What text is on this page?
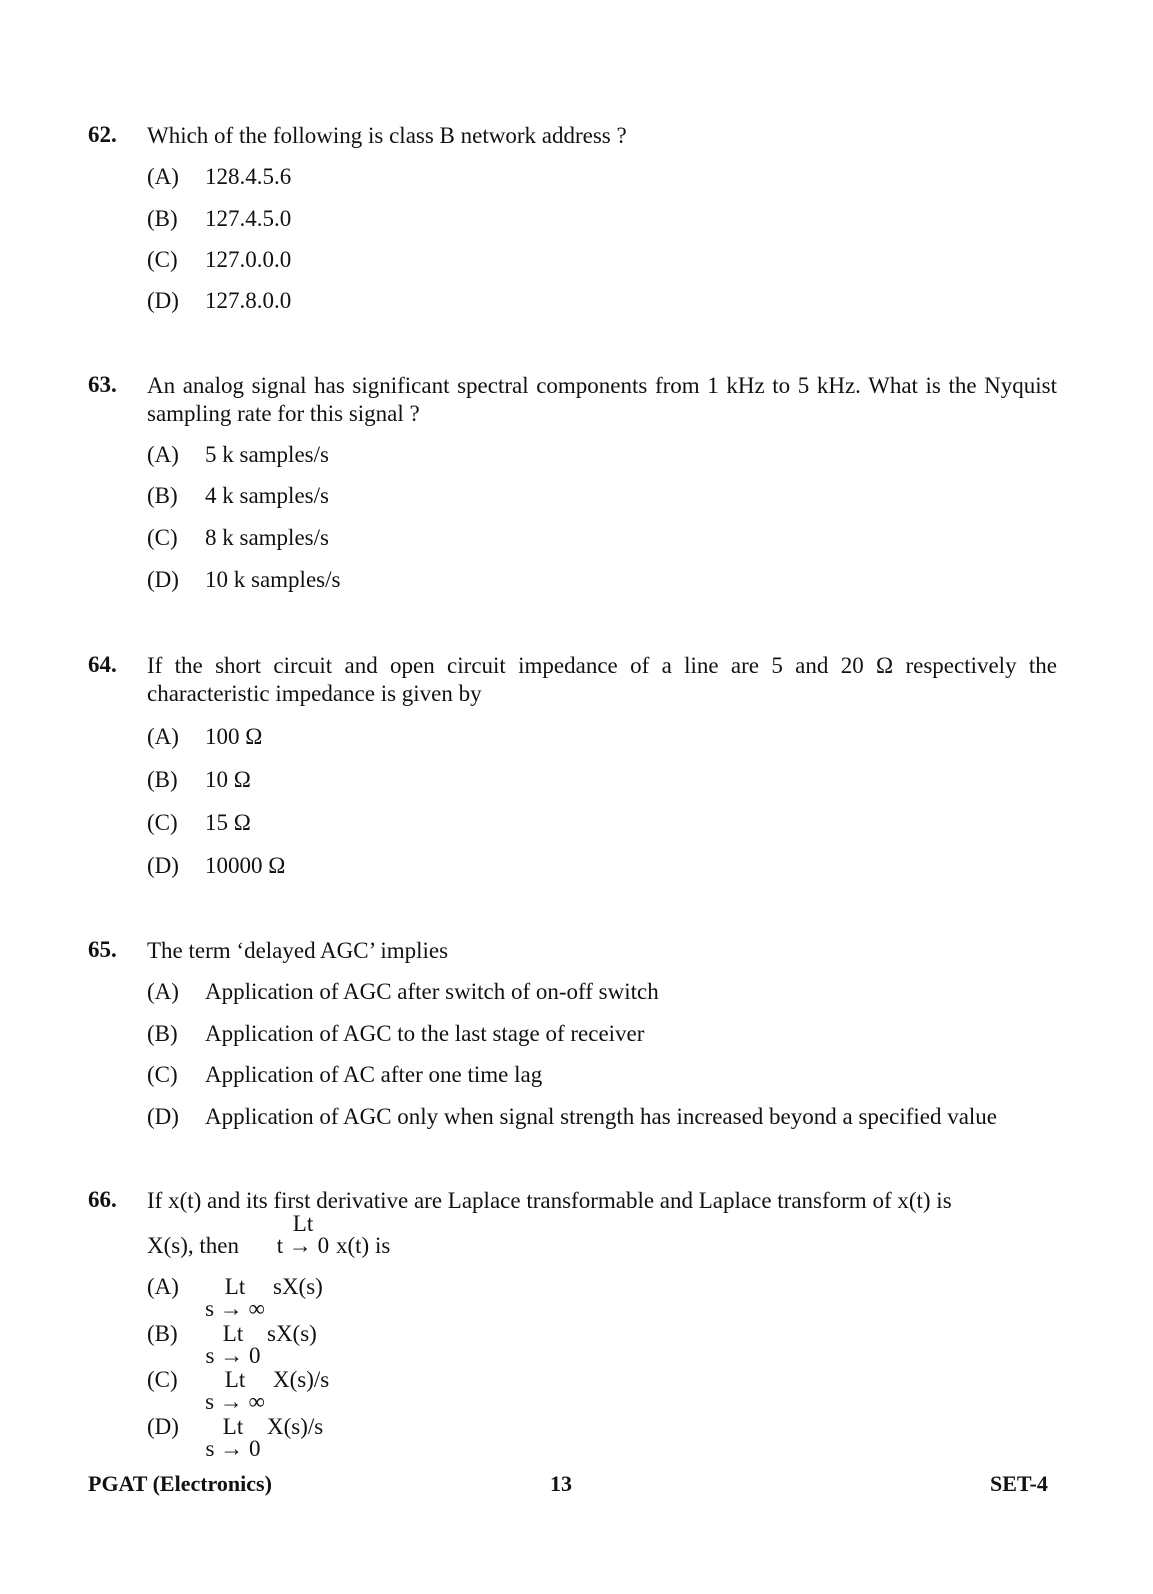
62. Which of the following is class B network address ?
(A) 128.4.5.6
(B) 127.4.5.0
(C) 127.0.0.0
(D) 127.8.0.0
63. An analog signal has significant spectral components from 1 kHz to 5 kHz. What is the Nyquist sampling rate for this signal ?
(A) 5 k samples/s
(B) 4 k samples/s
(C) 8 k samples/s
(D) 10 k samples/s
64. If the short circuit and open circuit impedance of a line are 5 and 20 Ω respectively the characteristic impedance is given by
(A) 100 Ω
(B) 10 Ω
(C) 15 Ω
(D) 10000 Ω
65. The term ‘delayed AGC’ implies
(A) Application of AGC after switch of on-off switch
(B) Application of AGC to the last stage of receiver
(C) Application of AC after one time lag
(D) Application of AGC only when signal strength has increased beyond a specified value
66. If x(t) and its first derivative are Laplace transformable and Laplace transform of x(t) is
X(s), then
Lt
t → 0 x(t) is
(A)	Lt
s → ∞
sX(s)
(B)	Lt
s → 0
sX(s)
(C)	Lt
s → ∞
X(s)/s
(D)	Lt
s → 0
X(s)/s
PGAT (Electronics)	13	SET-4
